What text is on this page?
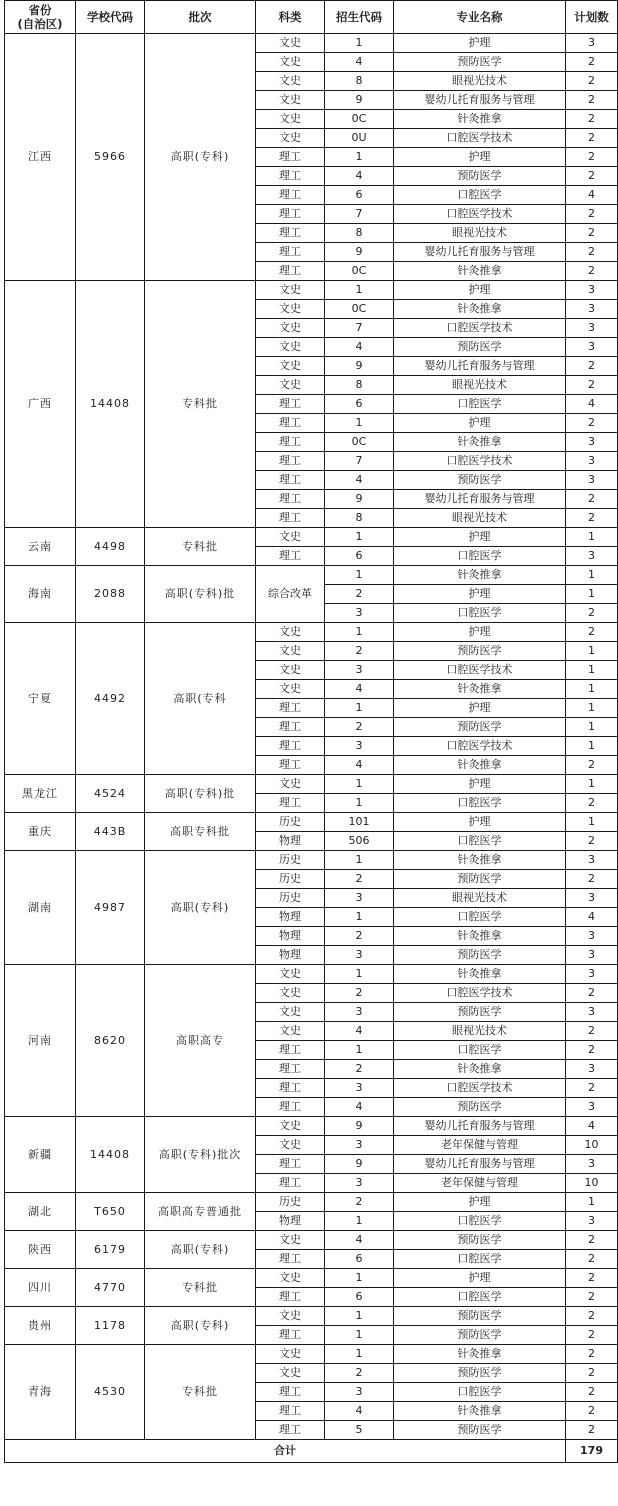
省份
(自治区)	学校代码	批次	科类	招生代码	专业名称	计划数
江西	5966	高职(专科)	文史	1	护理	3
			文史	4	预防医学	2
			文史	8	眼视光技术	2
			文史	9	婴幼儿托育服务与管理	2
			文史	0C	针灸推拿	2
			文史	0U	口腔医学技术	2
			理工	1	护理	2
			理工	4	预防医学	2
			理工	6	口腔医学	4
			理工	7	口腔医学技术	2
			理工	8	眼视光技术	2
			理工	9	婴幼儿托育服务与管理	2
			理工	0C	针灸推拿	2
广西	14408	专科批	文史	1	护理	3
			文史	0C	针灸推拿	3
			文史	7	口腔医学技术	3
			文史	4	预防医学	3
			文史	9	婴幼儿托育服务与管理	2
			文史	8	眼视光技术	2
			理工	6	口腔医学	4
			理工	1	护理	2
			理工	0C	针灸推拿	3
			理工	7	口腔医学技术	3
			理工	4	预防医学	3
			理工	9	婴幼儿托育服务与管理	2
			理工	8	眼视光技术	2
云南	4498	专科批	文史	1	护理	1
			理工	6	口腔医学	3
海南	2088	高职(专科)批	综合改革	1	针灸推拿	1
				2	护理	1
				3	口腔医学	2
宁夏	4492	高职(专科	文史	1	护理	2
			文史	2	预防医学	1
			文史	3	口腔医学技术	1
			文史	4	针灸推拿	1
			理工	1	护理	1
			理工	2	预防医学	1
			理工	3	口腔医学技术	1
			理工	4	针灸推拿	2
黑龙江	4524	高职(专科)批	文史	1	护理	1
			理工	1	口腔医学	2
重庆	443B	高职专科批	历史	101	护理	1
			物理	506	口腔医学	2
湖南	4987	高职(专科)	历史	1	针灸推拿	3
			历史	2	预防医学	2
			历史	3	眼视光技术	3
			物理	1	口腔医学	4
			物理	2	针灸推拿	3
			物理	3	预防医学	3
河南	8620	高职高专	文史	1	针灸推拿	3
			文史	2	口腔医学技术	2
			文史	3	预防医学	3
			文史	4	眼视光技术	2
			理工	1	口腔医学	2
			理工	2	针灸推拿	3
			理工	3	口腔医学技术	2
			理工	4	预防医学	3
新疆	14408	高职(专科)批次	文史	9	婴幼儿托育服务与管理	4
			文史	3	老年保健与管理	10
			理工	9	婴幼儿托育服务与管理	3
			理工	3	老年保健与管理	10
湖北	T650	高职高专普通批	历史	2	护理	1
			物理	1	口腔医学	3
陕西	6179	高职(专科)	文史	4	预防医学	2
			理工	6	口腔医学	2
四川	4770	专科批	文史	1	护理	2
			理工	6	口腔医学	2
贵州	1178	高职(专科)	文史	1	预防医学	2
			理工	1	预防医学	2
青海	4530	专科批	文史	1	针灸推拿	2
			文史	2	预防医学	2
			理工	3	口腔医学	2
			理工	4	针灸推拿	2
			理工	5	预防医学	2
合计						179
